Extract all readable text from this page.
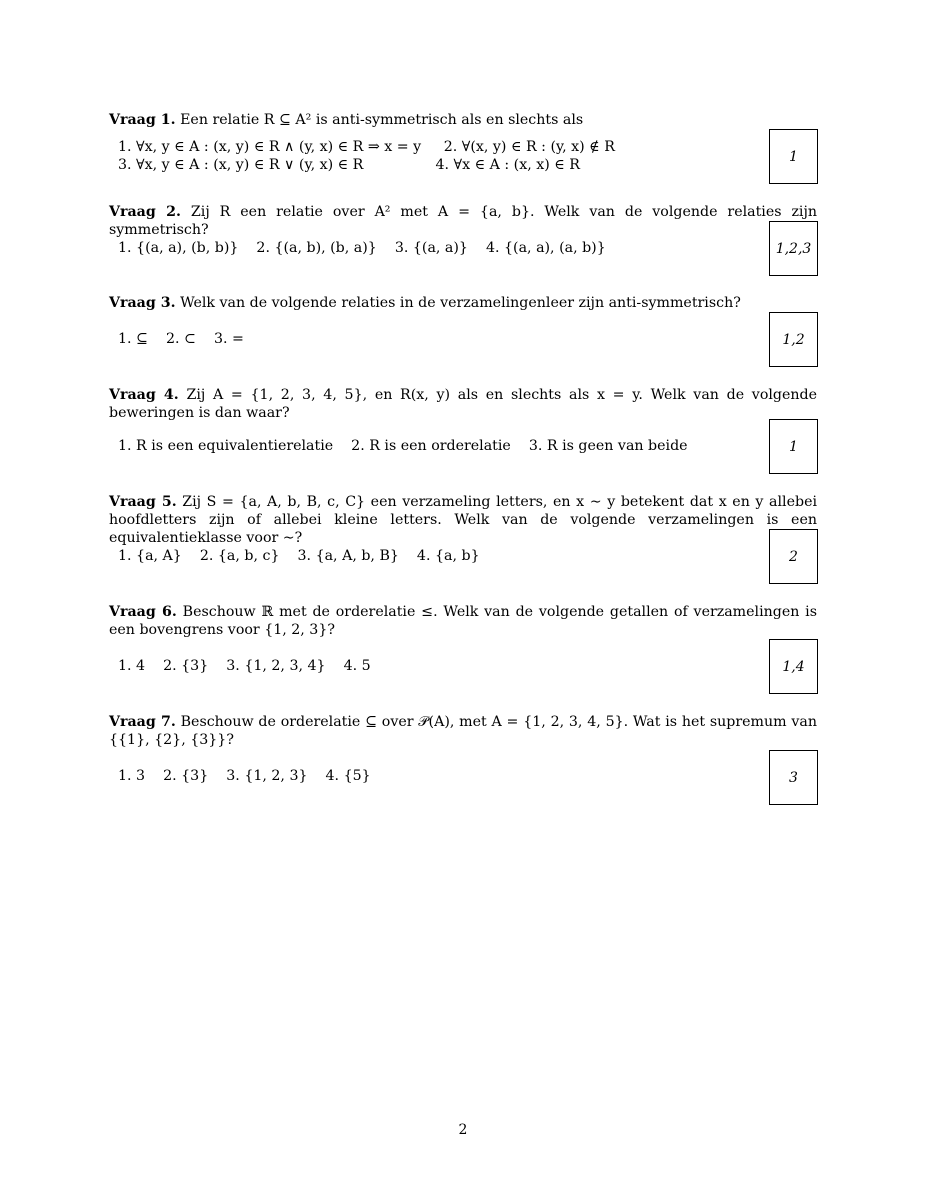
Vraag 1. Een relatie R ⊆ A² is anti-symmetrisch als en slechts als
1. ∀x, y ∈ A : (x, y) ∈ R ∧ (y, x) ∈ R ⇒ x = y     2. ∀(x, y) ∈ R : (y, x) ∉ R
3. ∀x, y ∈ A : (x, y) ∈ R ∨ (y, x) ∈ R                4. ∀x ∈ A : (x, x) ∈ R
1
Vraag 2. Zij R een relatie over A² met A = {a, b}. Welk van de volgende relaties zijn symmetrisch?
1. {(a, a), (b, b)}    2. {(a, b), (b, a)}    3. {(a, a)}    4. {(a, a), (a, b)}	1,2,3
Vraag 3. Welk van de volgende relaties in de verzamelingenleer zijn anti-symmetrisch?
1. ⊆    2. ⊂    3. =	1,2
Vraag 4. Zij A = {1, 2, 3, 4, 5}, en R(x, y) als en slechts als x = y. Welk van de volgende beweringen is dan waar?
1. R is een equivalentierelatie    2. R is een orderelatie    3. R is geen van beide	1
Vraag 5. Zij S = {a, A, b, B, c, C} een verzameling letters, en x ∼ y betekent dat x en y allebei hoofdletters zijn of allebei kleine letters. Welk van de volgende verzamelingen is een equivalentieklasse voor ∼?
1. {a, A}    2. {a, b, c}    3. {a, A, b, B}    4. {a, b}	2
Vraag 6. Beschouw ℝ met de orderelatie ≤. Welk van de volgende getallen of verzamelingen is een bovengrens voor {1, 2, 3}?
1. 4    2. {3}    3. {1, 2, 3, 4}    4. 5	1,4
Vraag 7. Beschouw de orderelatie ⊆ over 𝒫(A), met A = {1, 2, 3, 4, 5}. Wat is het supremum van {{1}, {2}, {3}}?
1. 3    2. {3}    3. {1, 2, 3}    4. {5}	3
2
